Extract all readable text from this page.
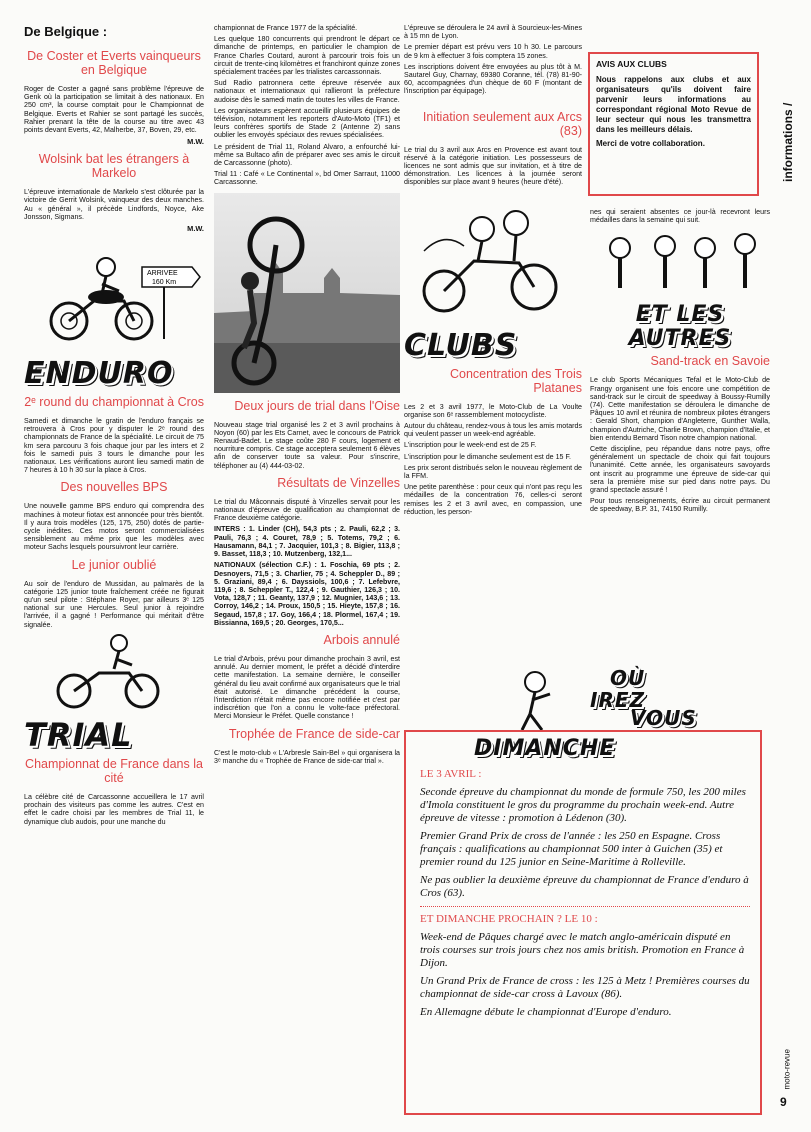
informations /
moto-revue
9
De Belgique :
De Coster et Everts vainqueurs en Belgique

Roger de Coster a gagné sans problème l'épreuve de Genk où la participation se limitait à des nationaux. En 250 cm³, la course comptait pour le Championnat de Belgique. Everts et Rahier se sont partagé les succès, Rahier prenant la tête de la course au titre avec 43 points devant Everts, 42, Malherbe, 37, Boven, 29, etc.

M.W.
Wolsink bat les étrangers à Markelo

L'épreuve internationale de Markelo s'est clôturée par la victoire de Gerrit Wolsink, vainqueur des deux manches. Au « général », il précède Lindfords, Noyce, Ake Jonsson, Sigmans.

M.W.
ARRIVEE
160 Km
ENDURO
2ᵉ round du championnat à Cros

Samedi et dimanche le gratin de l'enduro français se retrouvera à Cros pour y disputer le 2ᵉ round des championnats de France de la spécialité. Le circuit de 75 km sera parcouru 3 fois chaque jour par les inters et 2 fois le samedi puis 3 tours le dimanche pour les nationaux. Les vérifications auront lieu samedi matin de 7 heures à 10 h 30 sur la place à Cros.

Des nouvelles BPS

Une nouvelle gamme BPS enduro qui comprendra des machines à moteur fiotax est annoncée pour très bientôt. Il y aura trois modèles (125, 175, 250) dotés de partie-cycle inédites. Ces motos seront commercialisées sensiblement au même prix que les modèles avec moteur Sachs lesquels poursuivront leur carrière.

Le junior oublié

Au soir de l'enduro de Mussidan, au palmarès de la catégorie 125 junior toute fraîchement créée ne figurait qu'un seul pilote : Stéphane Royer, par ailleurs 3ᵉ 125 national sur une Hercules. Seul junior à rejoindre l'arrivée, il a gagné ! Performance qui méritait d'être signalée.

TRIAL
Championnat de France dans la cité

La célèbre cité de Carcassonne accueillera le 17 avril prochain des visiteurs pas comme les autres. C'est en effet le cadre choisi par les membres de Trial 11, le dynamique club audois, pour une manche du

championnat de France 1977 de la spécialité.

Les quelque 180 concurrents qui prendront le départ ce dimanche de printemps, en particulier le champion de France Charles Coutard, auront à parcourir trois fois un circuit de trente-cinq kilomètres et franchiront quinze zones spécialement tracées par les trialistes carcassonnais.

Sud Radio patronnera cette épreuve réservée aux nationaux et internationaux qui rallieront la préfecture audoise dès le samedi matin de toutes les villes de France.

Les organisateurs espèrent accueillir plusieurs équipes de télévision, notamment les reporters d'Auto-Moto (TF1) et leurs confrères sportifs de Stade 2 (Antenne 2) sans oublier les envoyés spéciaux des revues spécialisées.

Le président de Trial 11, Roland Alvaro, a enfourché lui-même sa Bultaco afin de préparer avec ses amis le circuit de Carcassonne (photo).

Trial 11 : Café « Le Continental », bd Omer Sarraut, 11000 Carcassonne.

Deux jours de trial dans l'Oise

Nouveau stage trial organisé les 2 et 3 avril prochains à Noyon (60) par les Ets Carnet, avec le concours de Patrick Renaud-Badet. Le stage coûte 280 F cours, logement et nourriture compris. Ce stage acceptera seulement 6 élèves afin de conserver toute sa valeur. Pour s'inscrire, téléphoner au (4) 444-03-02.

Résultats de Vinzelles

Le trial du Mâconnais disputé à Vinzelles servait pour les nationaux d'épreuve de qualification au championnat de France deuxième catégorie.

INTERS : 1. Linder (CH), 54,3 pts ; 2. Pauli, 62,2 ; 3. Pauli, 76,3 ; 4. Couret, 78,9 ; 5. Totems, 79,2 ; 6. Hausamann, 84,1 ; 7. Jacquier, 101,3 ; 8. Bigier, 113,8 ; 9. Basset, 118,3 ; 10. Mutzenberg, 132,1...

NATIONAUX (sélection C.F.) : 1. Foschia, 69 pts ; 2. Desnoyers, 71,5 ; 3. Charlier, 75 ; 4. Scheppler D., 89 ; 5. Graziani, 89,4 ; 6. Dayssiols, 100,6 ; 7. Lefebvre, 119,6 ; 8. Scheppler T., 122,4 ; 9. Gauthier, 126,3 ; 10. Vota, 128,7 ; 11. Geanty, 137,9 ; 12. Mugnier, 143,6 ; 13. Corroy, 146,2 ; 14. Proux, 150,5 ; 15. Hieyte, 157,8 ; 16. Segaud, 157,8 ; 17. Goy, 166,4 ; 18. Plormel, 167,4 ; 19. Bissianna, 169,5 ; 20. Georges, 170,5...

Arbois annulé

Le trial d'Arbois, prévu pour dimanche prochain 3 avril, est annulé. Au dernier moment, le préfet a décidé d'interdire cette manifestation. La semaine dernière, le conseiller général du lieu avait confirmé aux organisateurs que le trial était autorisé. Le dimanche précédent la course, l'interdiction n'était même pas encore notifiée et c'est par indiscrétion que l'on a connu le volte-face préfectoral. Merci Monsieur le Préfet. Quelle constance !

Trophée de France de side-car

C'est le moto-club « L'Arbresle Sain-Bel » qui organisera la 3ᵉ manche du « Trophée de France de side-car trial ».

L'épreuve se déroulera le 24 avril à Sourcieux-les-Mines à 15 mn de Lyon.

Le premier départ est prévu vers 10 h 30. Le parcours de 9 km à effectuer 3 fois comptera 15 zones.

Les inscriptions doivent être envoyées au plus tôt à M. Sautarel Guy, Charnay, 69380 Coranne, tél. (78) 81-90-60, accompagnées d'un chèque de 60 F (montant de l'inscription par équipage).

Initiation seulement aux Arcs (83)

Le trial du 3 avril aux Arcs en Provence est avant tout réservé à la catégorie initiation. Les possesseurs de licences ne sont admis que sur invitation, et à titre de démonstration. Les licences à la journée seront disponibles sur place avant 9 heures (heure d'été).

CLUBS
Concentration des Trois Platanes

Les 2 et 3 avril 1977, le Moto-Club de La Voulte organise son 6ᵉ rassemblement motocycliste.

Autour du château, rendez-vous à tous les amis motards qui veulent passer un week-end agréable.

L'inscription pour le week-end est de 25 F.

L'inscription pour le dimanche seulement est de 15 F.

Les prix seront distribués selon le nouveau règlement de la FFM.

Une petite parenthèse : pour ceux qui n'ont pas reçu les médailles de la concentration 76, celles-ci seront remises les 2 et 3 avril avec, en compassion, une réduction, les person-

AVIS AUX CLUBS

Nous rappelons aux clubs et aux organisateurs qu'ils doivent faire parvenir leurs informations au correspondant régional Moto Revue de leur secteur qui nous les transmettra dans les meilleurs délais.

Merci de votre collaboration.

nes qui seraient absentes ce jour-là recevront leurs médailles dans la semaine qui suit.

ET LES AUTRES
Sand-track en Savoie

Le club Sports Mécaniques Tefal et le Moto-Club de Frangy organisent une fois encore une compétition de sand-track sur le circuit de speedway à Boussy-Rumilly (74). Cette manifestation se déroulera le dimanche de Pâques 10 avril et réunira de nombreux pilotes étrangers : Gerald Short, champion d'Angleterre, Gunther Walla, champion d'Autriche, Charlie Brown, champion d'Italie, et bien entendu Bernard Tison notre champion national.

Cette discipline, peu répandue dans notre pays, offre généralement un spectacle de choix qui fait toujours l'unanimité. Cette année, les organisateurs savoyards ont inscrit au programme une épreuve de side-car qui sera la première mise sur pied dans notre pays. Du grand spectacle assuré !

Pour tous renseignements, écrire au circuit permanent de speedway, B.P. 31, 74150 Rumilly.

OÙ
IREZ
VOUS
DIMANCHE
LE 3 AVRIL :

Seconde épreuve du championnat du monde de formule 750, les 200 miles d'Imola constituent le gros du programme du prochain week-end. Autre épreuve de vitesse : promotion à Lédenon (30).

Premier Grand Prix de cross de l'année : les 250 en Espagne. Cross français : qualifications au championnat 500 inter à Guichen (35) et premier round du 125 junior en Seine-Maritime à Rolleville.

Ne pas oublier la deuxième épreuve du championnat de France d'enduro à Cros (63).

ET DIMANCHE PROCHAIN ? LE 10 :

Week-end de Pâques chargé avec le match anglo-américain disputé en trois courses sur trois jours chez nos amis british. Promotion en France à Dijon.

Un Grand Prix de France de cross : les 125 à Metz ! Premières courses du championnat de side-car cross à Lavoux (86).

En Allemagne débute le championnat d'Europe d'enduro.
